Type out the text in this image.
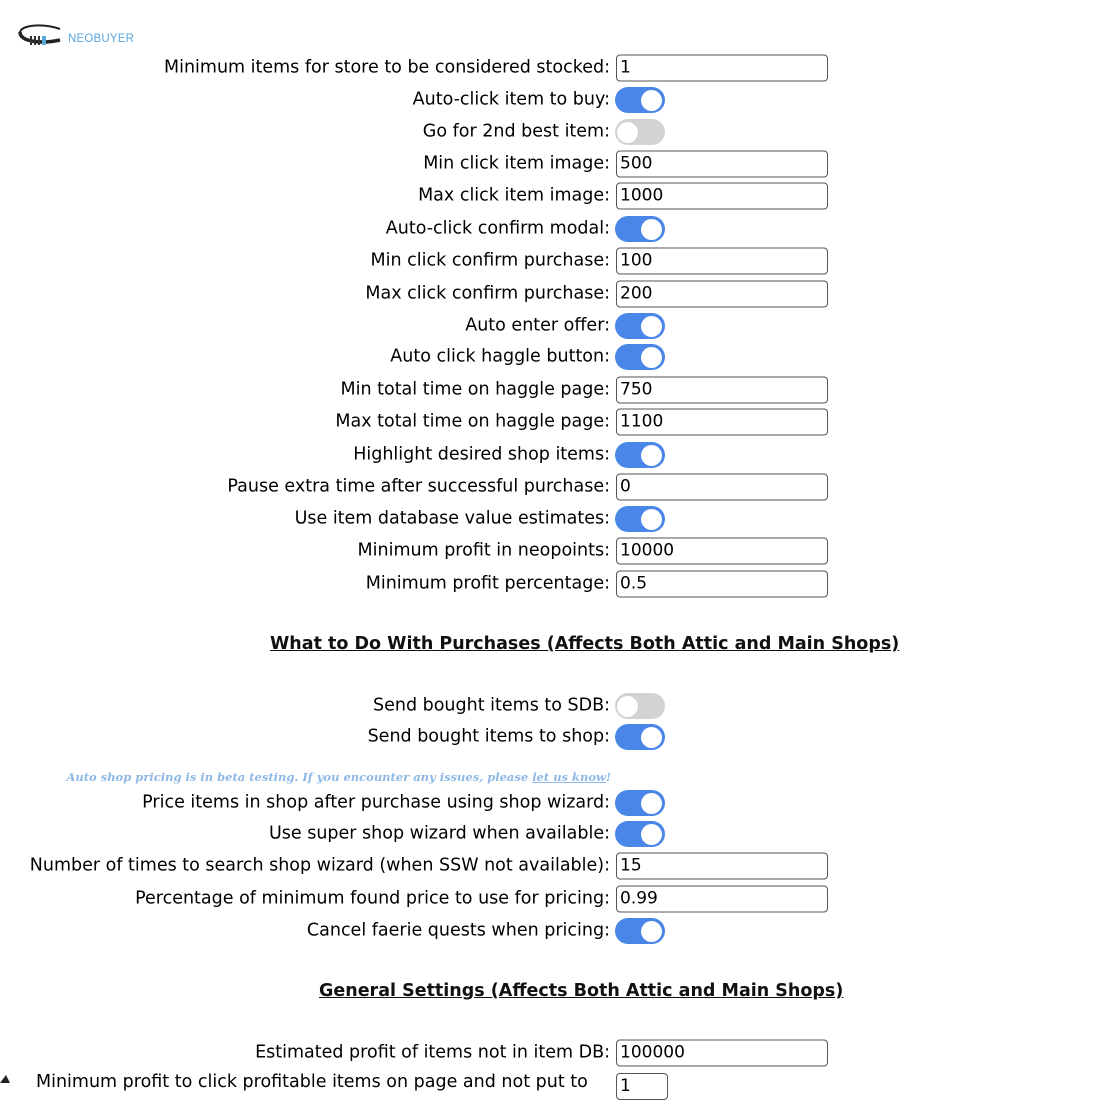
NEOBUYER
Minimum items for store to be considered stocked: 1
Auto-click item to buy:
Go for 2nd best item:
Min click item image: 500
Max click item image: 1000
Auto-click confirm modal:
Min click confirm purchase: 100
Max click confirm purchase: 200
Auto enter offer:
Auto click haggle button:
Min total time on haggle page: 750
Max total time on haggle page: 1100
Highlight desired shop items:
Pause extra time after successful purchase: 0
Use item database value estimates:
Minimum profit in neopoints: 10000
Minimum profit percentage: 0.5
What to Do With Purchases (Affects Both Attic and Main Shops)
Send bought items to SDB:
Send bought items to shop:
Auto shop pricing is in beta testing. If you encounter any issues, please let us know!
Price items in shop after purchase using shop wizard:
Use super shop wizard when available:
Number of times to search shop wizard (when SSW not available): 15
Percentage of minimum found price to use for pricing: 0.99
Cancel faerie quests when pricing:
General Settings (Affects Both Attic and Main Shops)
Estimated profit of items not in item DB: 100000
Minimum profit to click profitable items on page and not put to 1
